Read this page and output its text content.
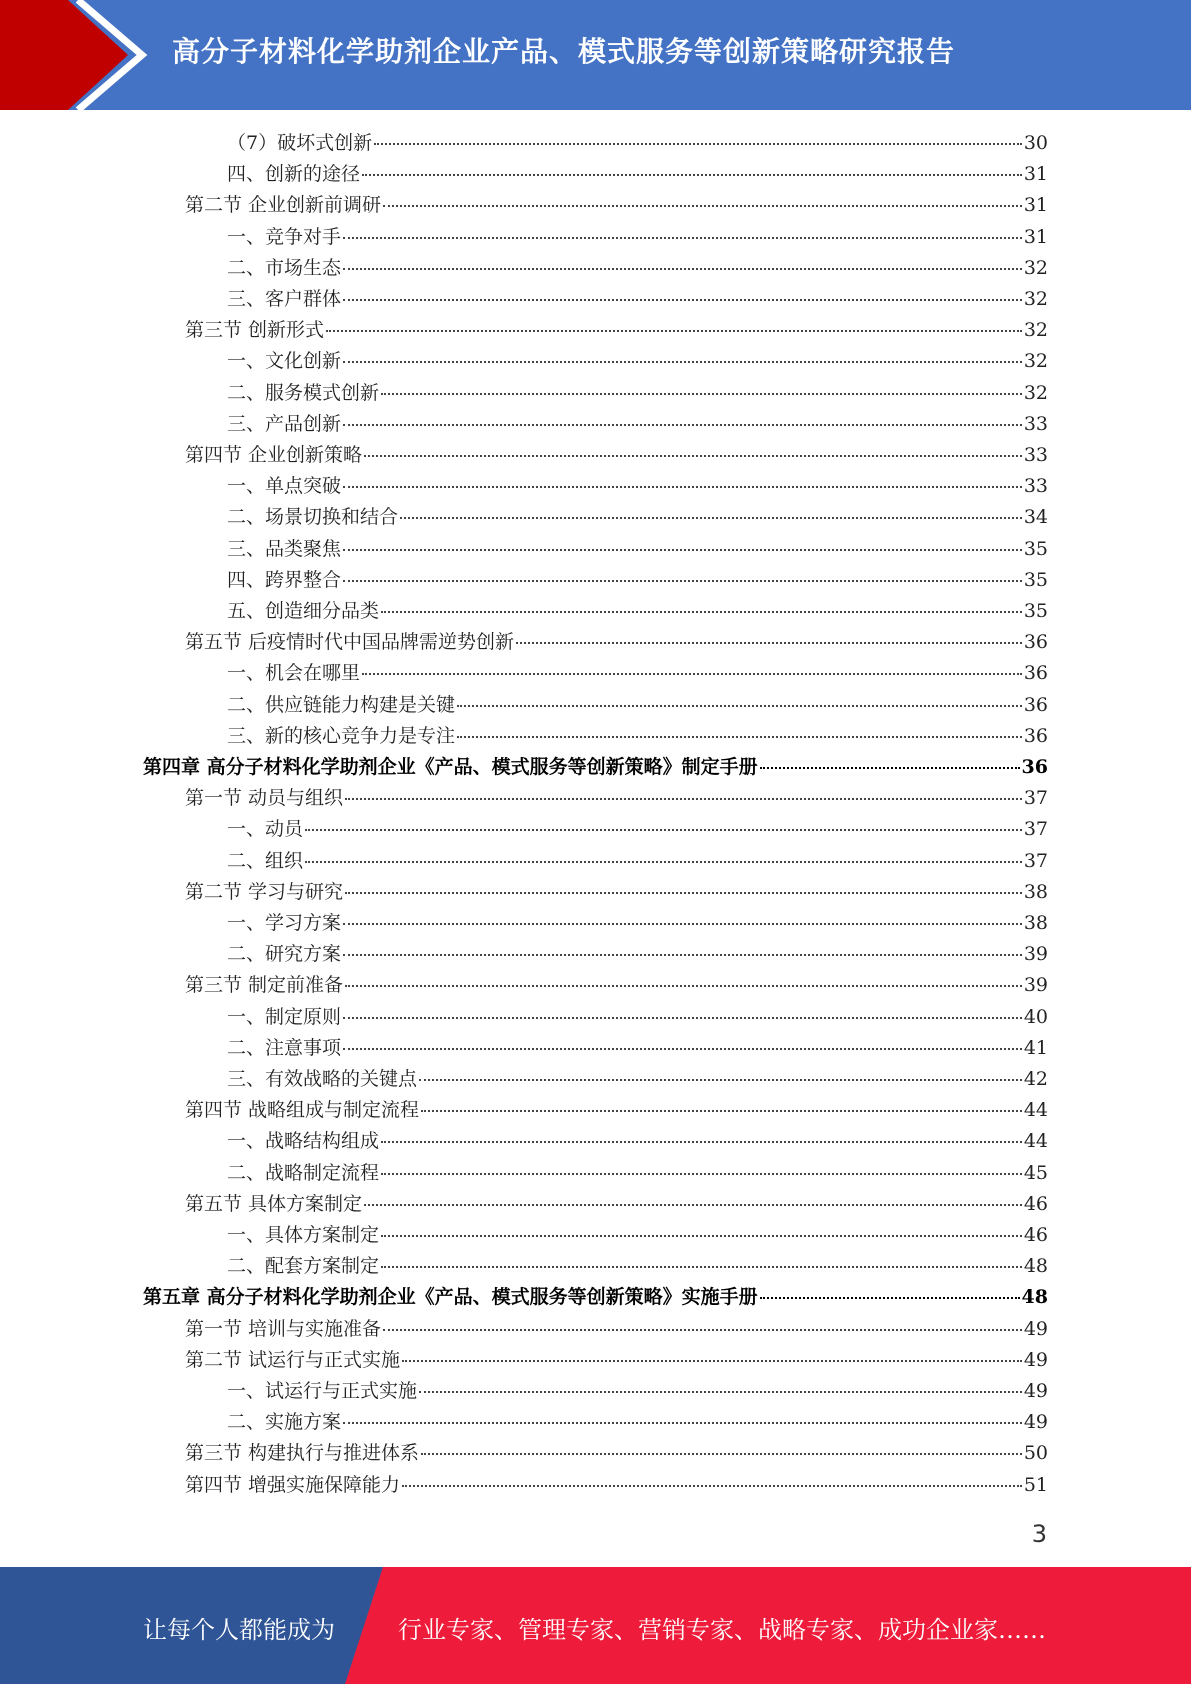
高分子材料化学助剂企业产品、模式服务等创新策略研究报告
（7）破坏式创新	30
四、创新的途径	31
第二节 企业创新前调研	31
一、竞争对手	31
二、市场生态	32
三、客户群体	32
第三节 创新形式	32
一、文化创新	32
二、服务模式创新	32
三、产品创新	33
第四节 企业创新策略	33
一、单点突破	33
二、场景切换和结合	34
三、品类聚焦	35
四、跨界整合	35
五、创造细分品类	35
第五节 后疫情时代中国品牌需逆势创新	36
一、机会在哪里	36
二、供应链能力构建是关键	36
三、新的核心竞争力是专注	36
第四章 高分子材料化学助剂企业《产品、模式服务等创新策略》制定手册	36
第一节 动员与组织	37
一、动员	37
二、组织	37
第二节 学习与研究	38
一、学习方案	38
二、研究方案	39
第三节 制定前准备	39
一、制定原则	40
二、注意事项	41
三、有效战略的关键点	42
第四节 战略组成与制定流程	44
一、战略结构组成	44
二、战略制定流程	45
第五节 具体方案制定	46
一、具体方案制定	46
二、配套方案制定	48
第五章 高分子材料化学助剂企业《产品、模式服务等创新策略》实施手册	48
第一节 培训与实施准备	49
第二节 试运行与正式实施	49
一、试运行与正式实施	49
二、实施方案	49
第三节 构建执行与推进体系	50
第四节 增强实施保障能力	51
3
让每个人都能成为	行业专家、管理专家、营销专家、战略专家、成功企业家……
